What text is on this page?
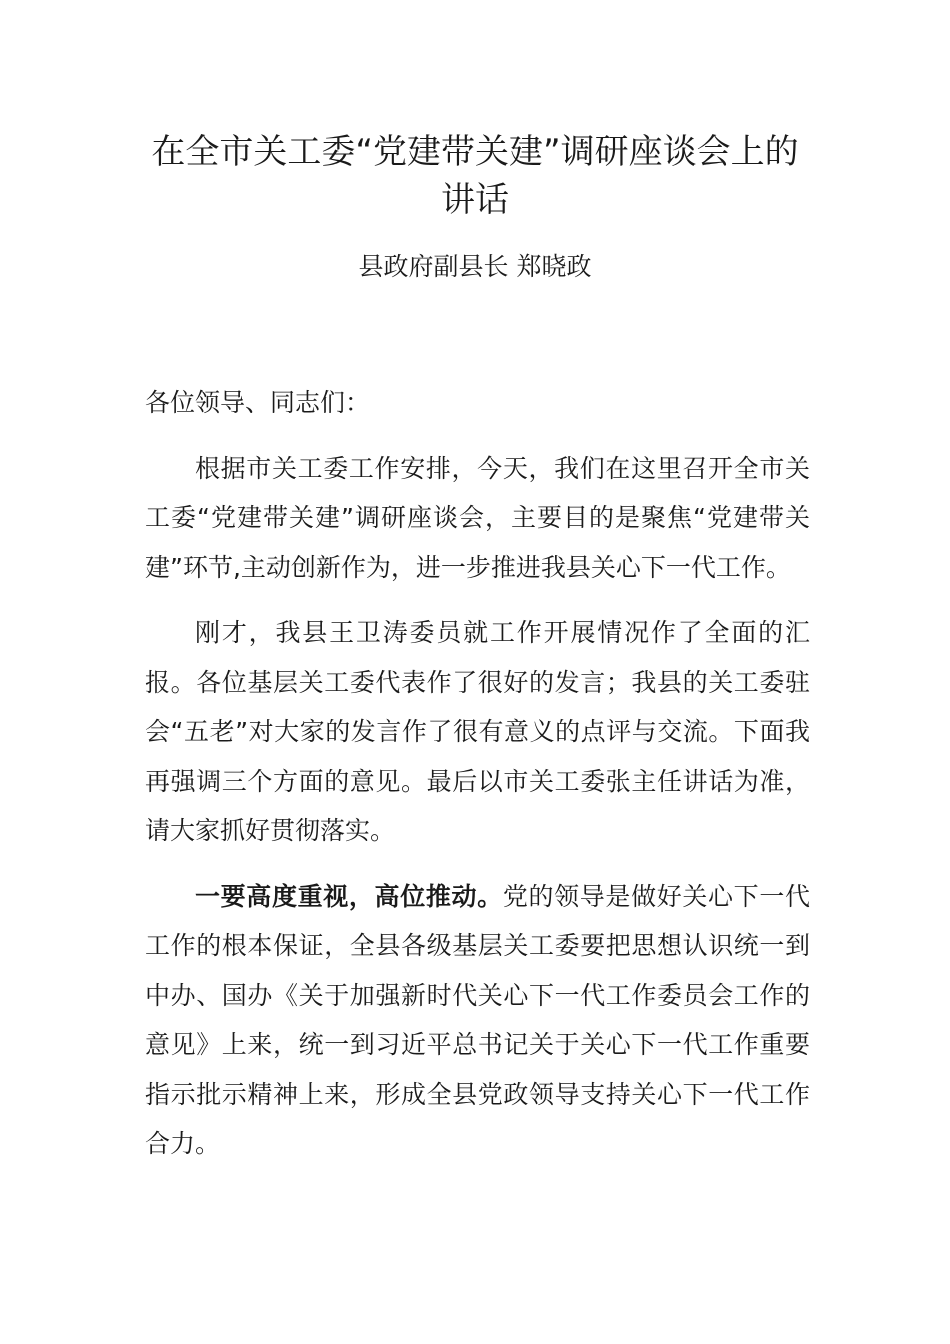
在全市关工委“党建带关建”调研座谈会上的讲话
县政府副县长 郑晓政

各位领导、同志们：

根据市关工委工作安排，今天，我们在这里召开全市关工委“党建带关建”调研座谈会，主要目的是聚焦“党建带关建”环节,主动创新作为，进一步推进我县关心下一代工作。

刚才，我县王卫涛委员就工作开展情况作了全面的汇报。各位基层关工委代表作了很好的发言；我县的关工委驻会“五老”对大家的发言作了很有意义的点评与交流。下面我再强调三个方面的意见。最后以市关工委张主任讲话为准，请大家抓好贯彻落实。

一要高度重视，高位推动。党的领导是做好关心下一代工作的根本保证，全县各级基层关工委要把思想认识统一到中办、国办《关于加强新时代关心下一代工作委员会工作的意见》上来，统一到习近平总书记关于关心下一代工作重要指示批示精神上来，形成全县党政领导支持关心下一代工作合力。
